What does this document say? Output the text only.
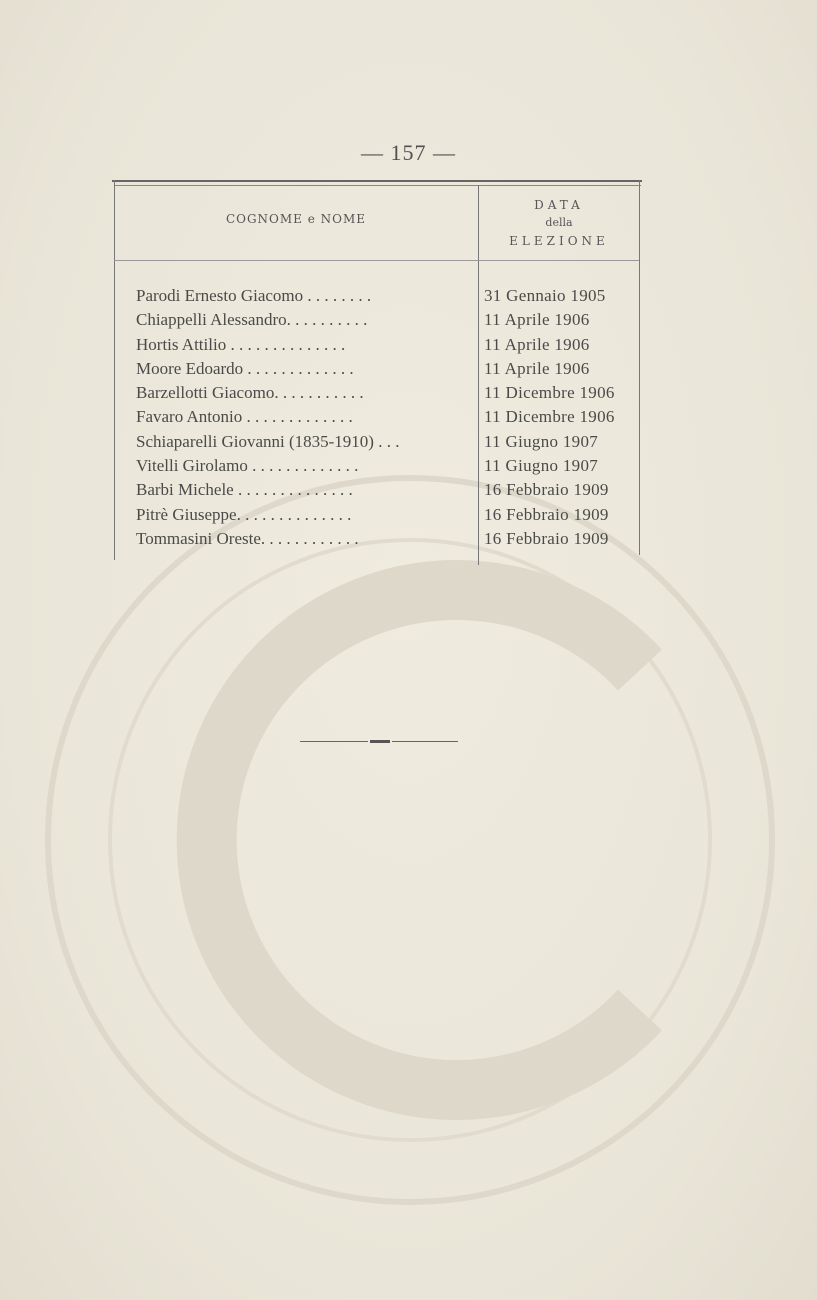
— 157 —
COGNOME e NOME
DATA
della
ELEZIONE
Parodi Ernesto Giacomo . . . . . . . .	31 Gennaio 1905
Chiappelli Alessandro. . . . . . . . . .	11 Aprile 1906
Hortis Attilio . . . . . . . . . . . . . .	11 Aprile 1906
Moore Edoardo . . . . . . . . . . . . .	11 Aprile 1906
Barzellotti Giacomo. . . . . . . . . . .	11 Dicembre 1906
Favaro Antonio . . . . . . . . . . . . .	11 Dicembre 1906
Schiaparelli Giovanni (1835-1910) . . .	11 Giugno 1907
Vitelli Girolamo . . . . . . . . . . . . .	11 Giugno 1907
Barbi Michele . . . . . . . . . . . . . .	16 Febbraio 1909
Pitrè Giuseppe. . . . . . . . . . . . . .	16 Febbraio 1909
Tommasini Oreste. . . . . . . . . . . .	16 Febbraio 1909
